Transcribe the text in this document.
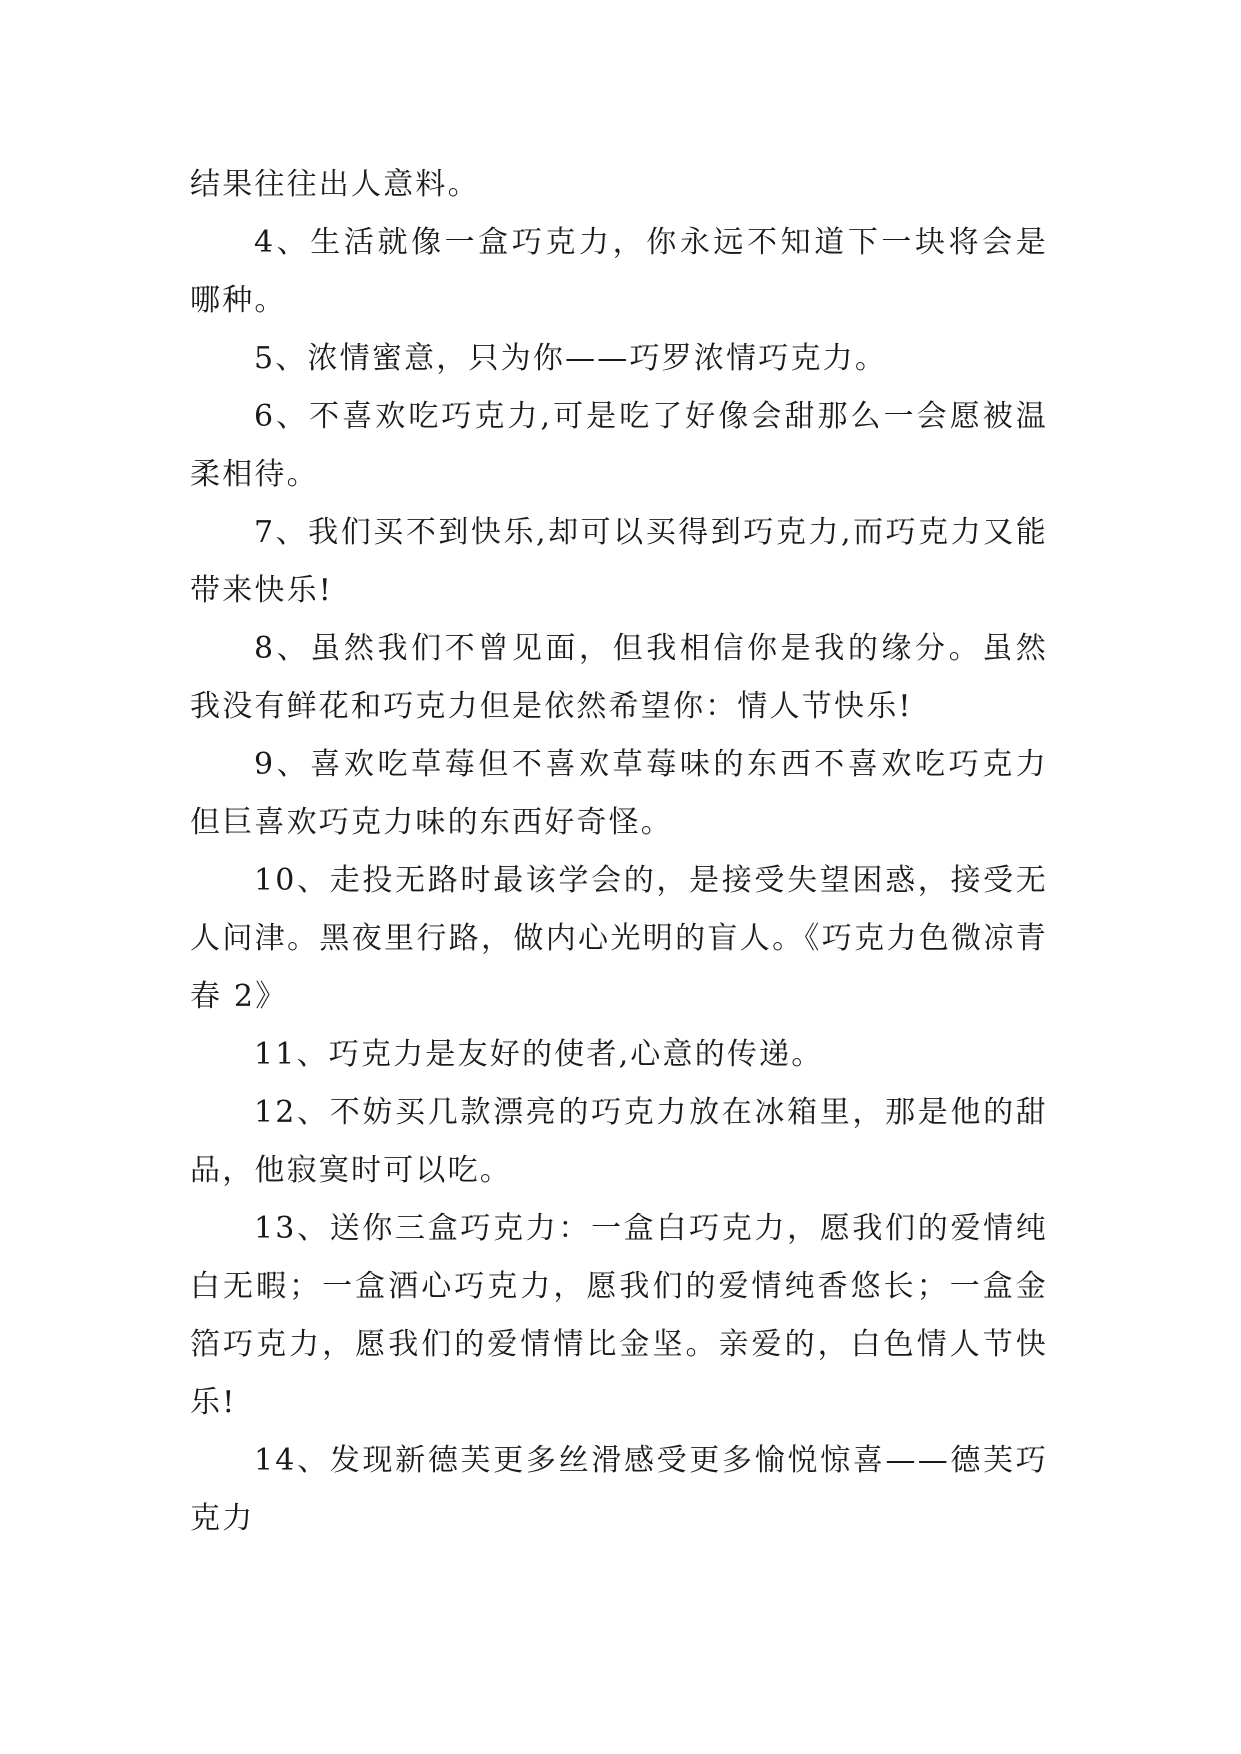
结果往往出人意料。

4、生活就像一盒巧克力，你永远不知道下一块将会是哪种。

5、浓情蜜意，只为你——巧罗浓情巧克力。

6、不喜欢吃巧克力,可是吃了好像会甜那么一会愿被温柔相待。

7、我们买不到快乐,却可以买得到巧克力,而巧克力又能带来快乐!

8、虽然我们不曾见面，但我相信你是我的缘分。虽然我没有鲜花和巧克力但是依然希望你：情人节快乐!

9、喜欢吃草莓但不喜欢草莓味的东西不喜欢吃巧克力但巨喜欢巧克力味的东西好奇怪。

10、走投无路时最该学会的，是接受失望困惑，接受无人问津。黑夜里行路，做内心光明的盲人。《巧克力色微凉青春 2》

11、巧克力是友好的使者,心意的传递。

12、不妨买几款漂亮的巧克力放在冰箱里，那是他的甜品，他寂寞时可以吃。

13、送你三盒巧克力：一盒白巧克力，愿我们的爱情纯白无暇；一盒酒心巧克力，愿我们的爱情纯香悠长；一盒金箔巧克力，愿我们的爱情情比金坚。亲爱的，白色情人节快乐!

14、发现新德芙更多丝滑感受更多愉悦惊喜——德芙巧克力
